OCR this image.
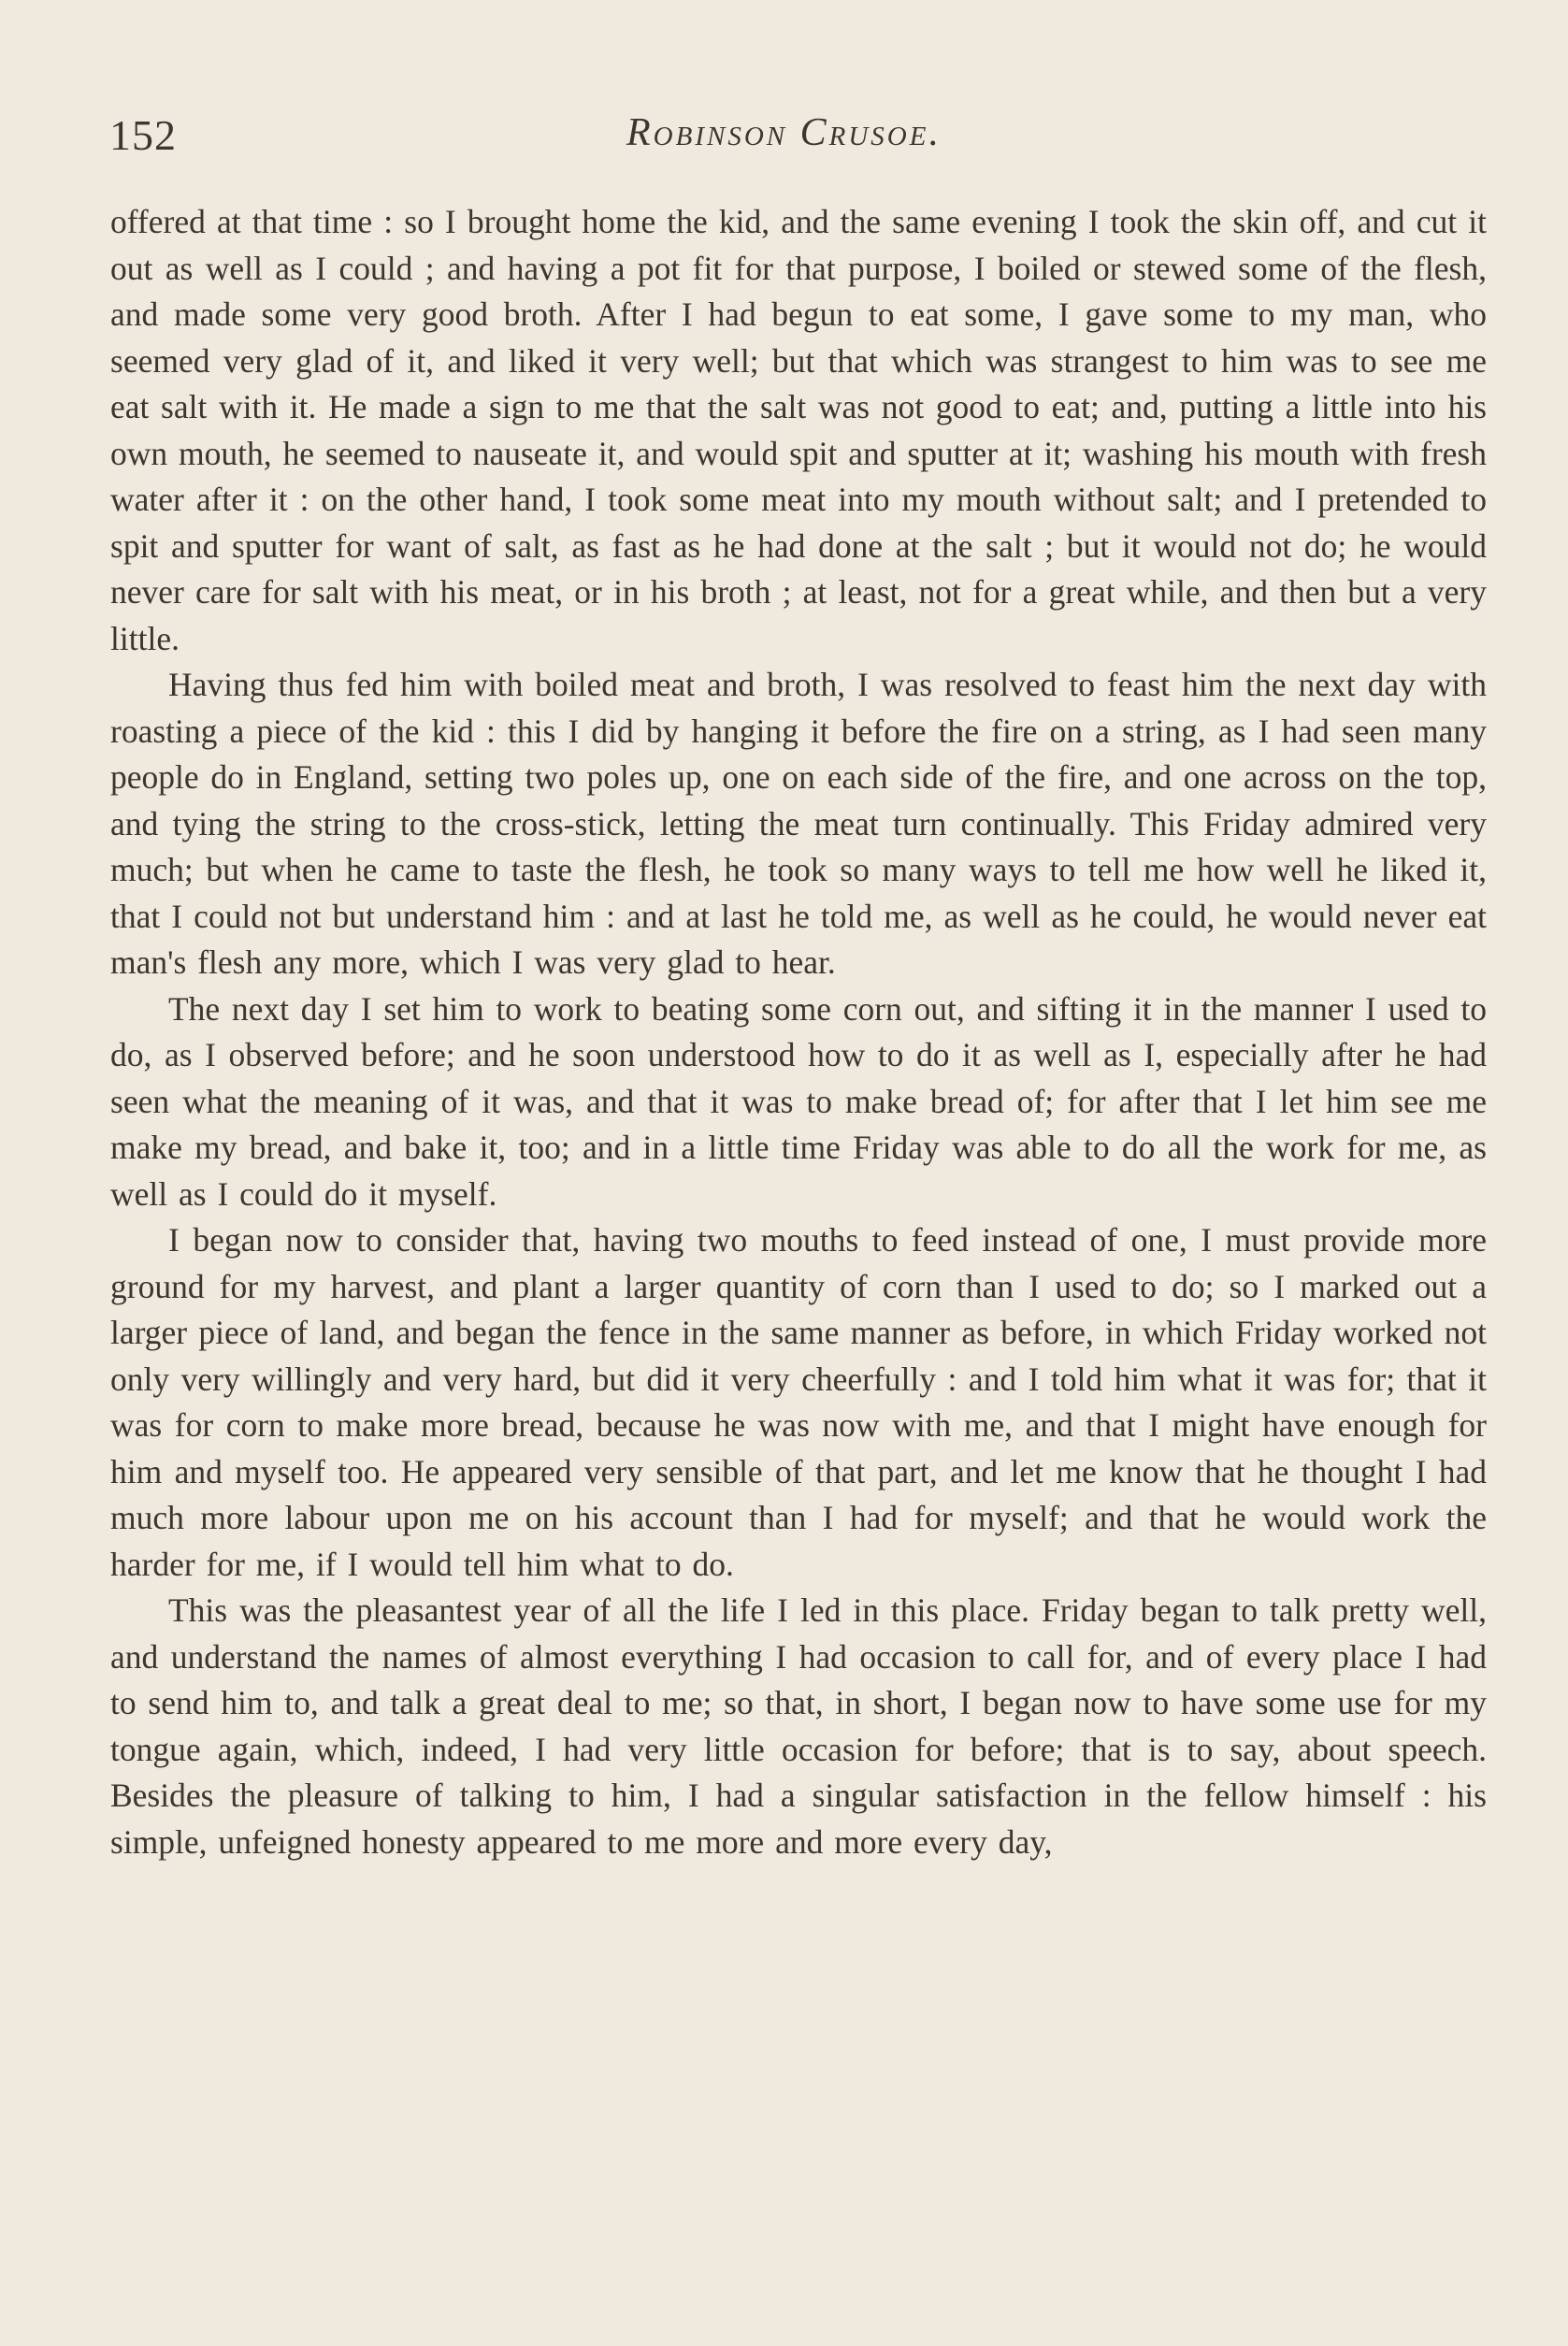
152	Robinson Crusoe.

offered at that time : so I brought home the kid, and the same evening I took the skin off, and cut it out as well as I could ; and having a pot fit for that purpose, I boiled or stewed some of the flesh, and made some very good broth. After I had begun to eat some, I gave some to my man, who seemed very glad of it, and liked it very well; but that which was strangest to him was to see me eat salt with it. He made a sign to me that the salt was not good to eat; and, putting a little into his own mouth, he seemed to nauseate it, and would spit and sputter at it; washing his mouth with fresh water after it : on the other hand, I took some meat into my mouth without salt; and I pretended to spit and sputter for want of salt, as fast as he had done at the salt ; but it would not do; he would never care for salt with his meat, or in his broth ; at least, not for a great while, and then but a very little.

Having thus fed him with boiled meat and broth, I was resolved to feast him the next day with roasting a piece of the kid : this I did by hanging it before the fire on a string, as I had seen many people do in England, setting two poles up, one on each side of the fire, and one across on the top, and tying the string to the cross-stick, letting the meat turn continually. This Friday admired very much; but when he came to taste the flesh, he took so many ways to tell me how well he liked it, that I could not but understand him : and at last he told me, as well as he could, he would never eat man's flesh any more, which I was very glad to hear.

The next day I set him to work to beating some corn out, and sifting it in the manner I used to do, as I observed before; and he soon understood how to do it as well as I, especially after he had seen what the meaning of it was, and that it was to make bread of; for after that I let him see me make my bread, and bake it, too; and in a little time Friday was able to do all the work for me, as well as I could do it myself.

I began now to consider that, having two mouths to feed instead of one, I must provide more ground for my harvest, and plant a larger quantity of corn than I used to do; so I marked out a larger piece of land, and began the fence in the same manner as before, in which Friday worked not only very willingly and very hard, but did it very cheerfully : and I told him what it was for; that it was for corn to make more bread, because he was now with me, and that I might have enough for him and myself too. He appeared very sensible of that part, and let me know that he thought I had much more labour upon me on his account than I had for myself; and that he would work the harder for me, if I would tell him what to do.

This was the pleasantest year of all the life I led in this place. Friday began to talk pretty well, and understand the names of almost everything I had occasion to call for, and of every place I had to send him to, and talk a great deal to me; so that, in short, I began now to have some use for my tongue again, which, indeed, I had very little occasion for before; that is to say, about speech. Besides the pleasure of talking to him, I had a singular satisfaction in the fellow himself : his simple, unfeigned honesty appeared to me more and more every day,
